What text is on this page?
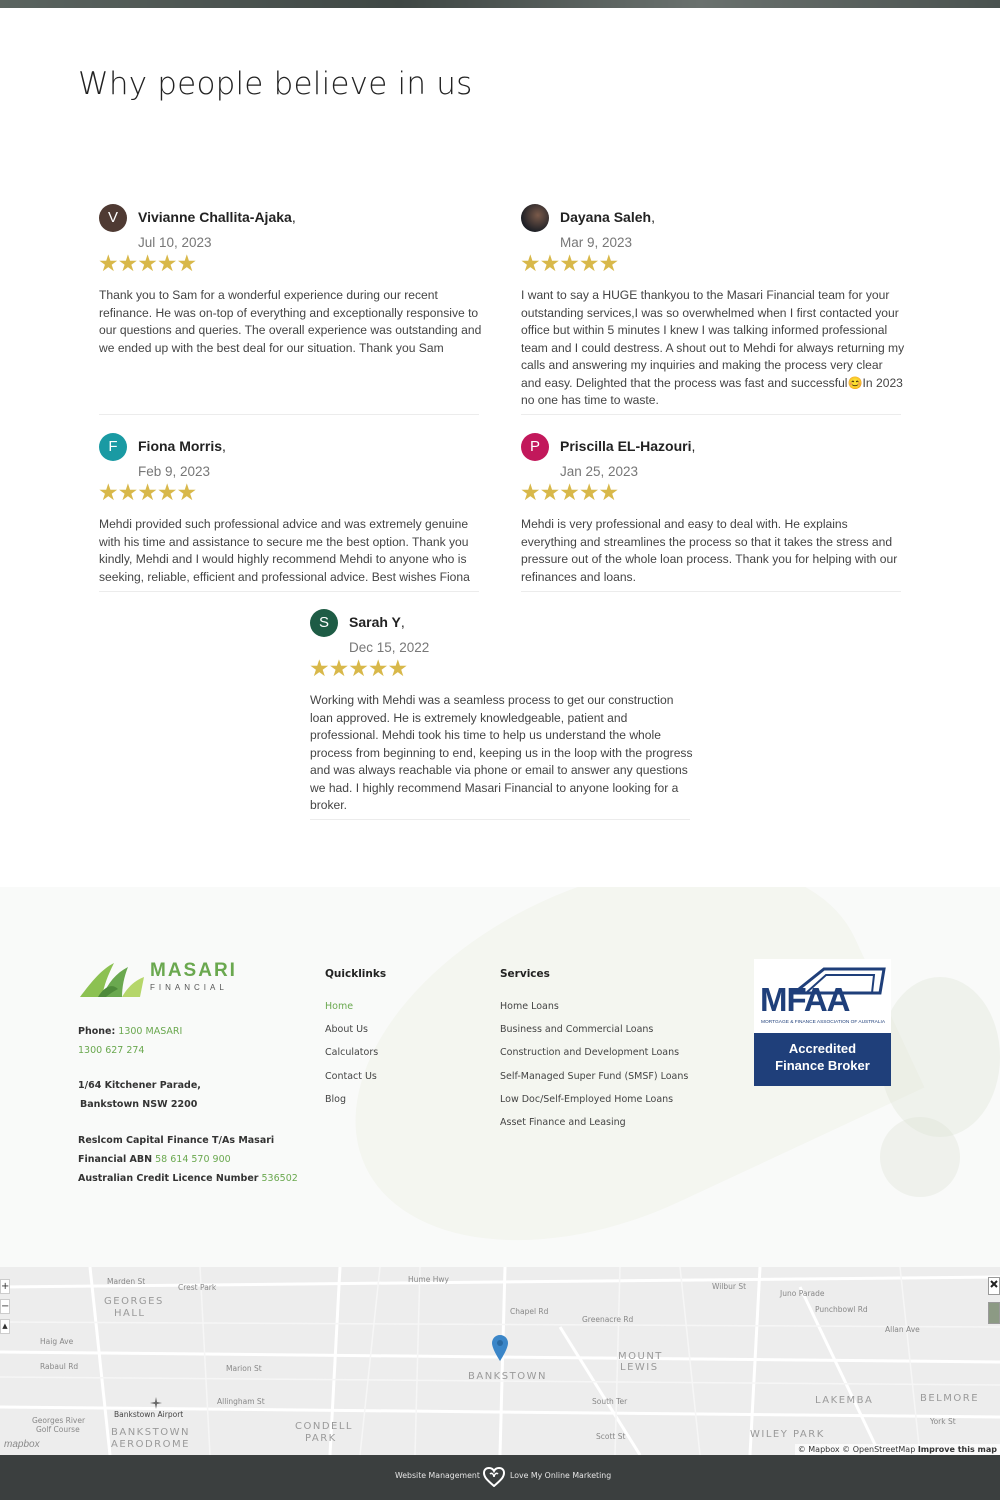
Why people believe in us
V	Vivianne Challita-Ajaka,
Jul 10, 2023
★★★★★
Thank you to Sam for a wonderful experience during our recent refinance. He was on-top of everything and exceptionally responsive to our questions and queries. The overall experience was outstanding and we ended up with the best deal for our situation. Thank you Sam
Dayana Saleh,
Mar 9, 2023
★★★★★
I want to say a HUGE thankyou to the Masari Financial team for your outstanding services,I was so overwhelmed when I first contacted your office but within 5 minutes I knew I was talking informed professional team and I could destress. A shout out to Mehdi for always returning my calls and answering my inquiries and making the process very clear and easy. Delighted that the process was fast and successful😊In 2023 no one has time to waste.
F	Fiona Morris,
Feb 9, 2023
★★★★★
Mehdi provided such professional advice and was extremely genuine with his time and assistance to secure me the best option. Thank you kindly, Mehdi and I would highly recommend Mehdi to anyone who is seeking, reliable, efficient and professional advice. Best wishes Fiona
P	Priscilla EL-Hazouri,
Jan 25, 2023
★★★★★
Mehdi is very professional and easy to deal with. He explains everything and streamlines the process so that it takes the stress and pressure out of the whole loan process. Thank you for helping with our refinances and loans.
S	Sarah Y,
Dec 15, 2022
★★★★★
Working with Mehdi was a seamless process to get our construction loan approved. He is extremely knowledgeable, patient and professional. Mehdi took his time to help us understand the whole process from beginning to end, keeping us in the loop with the progress and was always reachable via phone or email to answer any questions we had. I highly recommend Masari Financial to anyone looking for a broker.
MASARI
FINANCIAL
Phone: 1300 MASARI
1300 627 274
1/64 Kitchener Parade,
Bankstown NSW 2200
Reslcom Capital Finance T/As Masari
Financial ABN 58 614 570 900
Australian Credit Licence Number 536502
Quicklinks
Home
About Us
Calculators
Contact Us
Blog
Services
Home Loans
Business and Commercial Loans
Construction and Development Loans
Self-Managed Super Fund (SMSF) Loans
Low Doc/Self-Employed Home Loans
Asset Finance and Leasing
MFAA
MORTGAGE & FINANCE ASSOCIATION OF AUSTRALIA
Accredited
Finance Broker
Marden St
Crest Park
GEORGES
HALL
Hume Hwy
Wilbur St
Juno Parade
Punchbowl Rd
Haig Ave
Rabaul Rd	Marion St
Allingham St
Bankstown Airport
BANKSTOWN
AERODROME
CONDELL
PARK
BANKSTOWN
MOUNT
LEWIS
LAKEMBA	BELMORE
WILEY PARK
Greenacre Rd
Chapel Rd
South Ter
Scott St
Georges River
Golf Course
Allan Ave
York St
+
−
▲
mapbox	© Mapbox © OpenStreetMap Improve this map
Website Management	Love My Online Marketing
